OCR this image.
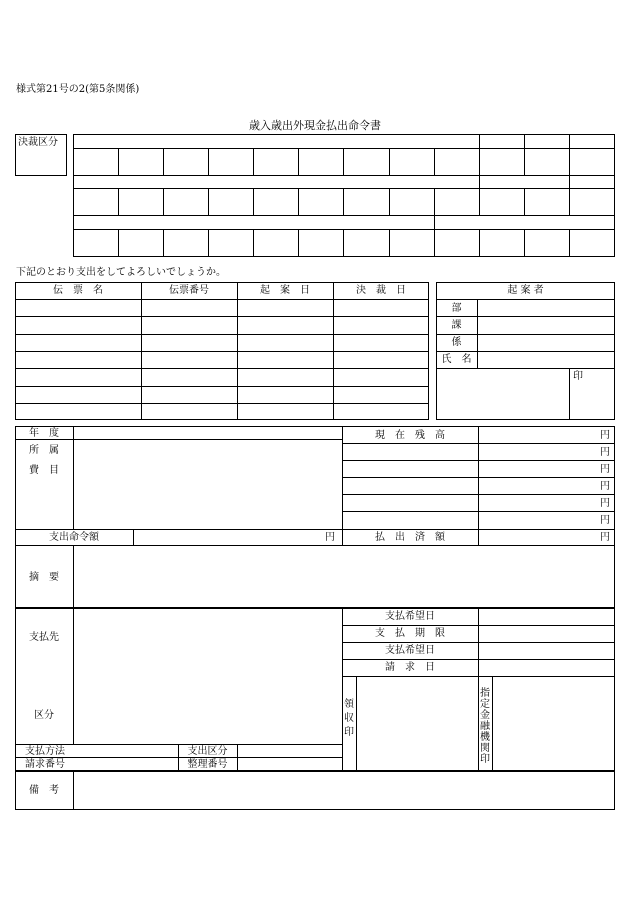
様式第21号の2(第5条関係)
歳入歳出外現金払出命令書
決裁区分
下記のとおり支出をしてよろしいでしょうか。
伝　票　名	伝票番号	起　案　日	決　裁　日	起 案 者
部
課
係
氏　名
印
年　度
所　属
費　目
現　在　残　高	円
円
円
円
円
円
支出命令額	円	払　出　済　額	円
摘　要
支払先
区分
支払希望日
支　払　期　限
支払希望日
請　求　日
領収印
指定金融機関印
支払方法	支出区分
請求番号	整理番号
備　考
